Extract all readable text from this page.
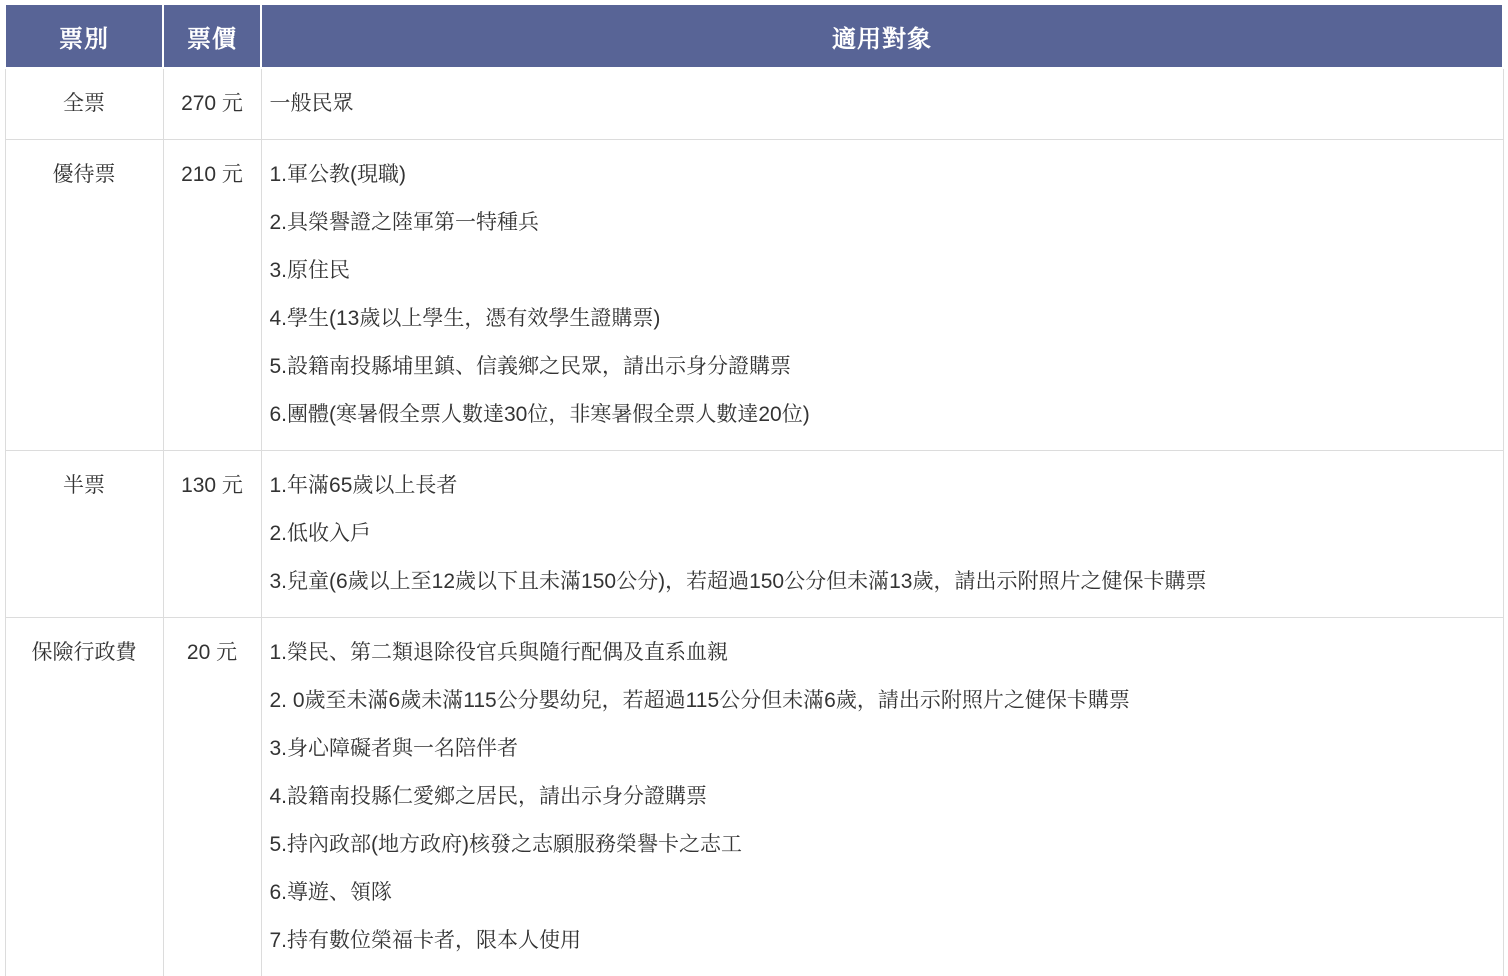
票別	票價	適用對象
全票	270 元	一般民眾

優待票	210 元	1.軍公教(現職)
2.具榮譽證之陸軍第一特種兵
3.原住民
4.學生(13歲以上學生，憑有效學生證購票)
5.設籍南投縣埔里鎮、信義鄉之民眾，請出示身分證購票
6.團體(寒暑假全票人數達30位，非寒暑假全票人數達20位)

半票	130 元	1.年滿65歲以上長者
2.低收入戶
3.兒童(6歲以上至12歲以下且未滿150公分)，若超過150公分但未滿13歲，請出示附照片之健保卡購票

保險行政費	20 元	1.榮民、第二類退除役官兵與隨行配偶及直系血親
2. 0歲至未滿6歲未滿115公分嬰幼兒，若超過115公分但未滿6歲，請出示附照片之健保卡購票
3.身心障礙者與一名陪伴者
4.設籍南投縣仁愛鄉之居民，請出示身分證購票
5.持內政部(地方政府)核發之志願服務榮譽卡之志工
6.導遊、領隊
7.持有數位榮福卡者，限本人使用
